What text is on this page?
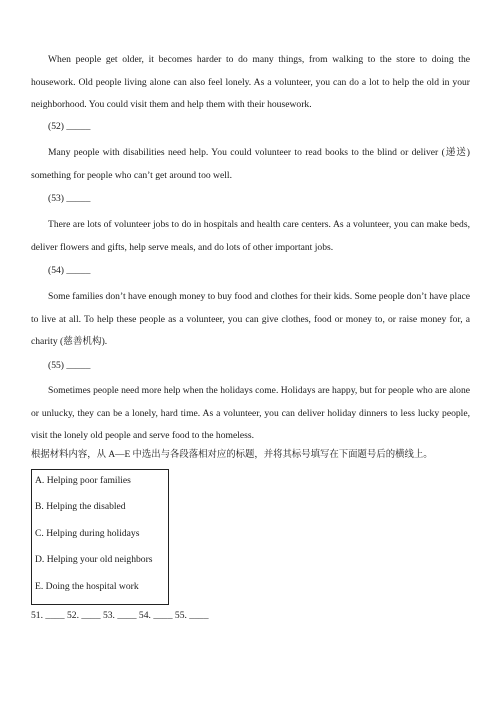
When people get older, it becomes harder to do many things, from walking to the store to doing the housework. Old people living alone can also feel lonely. As a volunteer, you can do a lot to help the old in your neighborhood. You could visit them and help them with their housework.

(52) _____

Many people with disabilities need help. You could volunteer to read books to the blind or deliver (递送) something for people who can’t get around too well.

(53) _____

There are lots of volunteer jobs to do in hospitals and health care centers. As a volunteer, you can make beds, deliver flowers and gifts, help serve meals, and do lots of other important jobs.

(54) _____

Some families don’t have enough money to buy food and clothes for their kids. Some people don’t have place to live at all. To help these people as a volunteer, you can give clothes, food or money to, or raise money for, a charity (慈善机构).

(55) _____

Sometimes people need more help when the holidays come. Holidays are happy, but for people who are alone or unlucky, they can be a lonely, hard time. As a volunteer, you can deliver holiday dinners to less lucky people, visit the lonely old people and serve food to the homeless.

根据材料内容，从 A—E 中选出与各段落相对应的标题，并将其标号填写在下面题号后的横线上。

A. Helping poor families

B. Helping the disabled

C. Helping during holidays

D. Helping your old neighbors

E. Doing the hospital work

51. ____ 52. ____ 53. ____ 54. ____ 55. ____
